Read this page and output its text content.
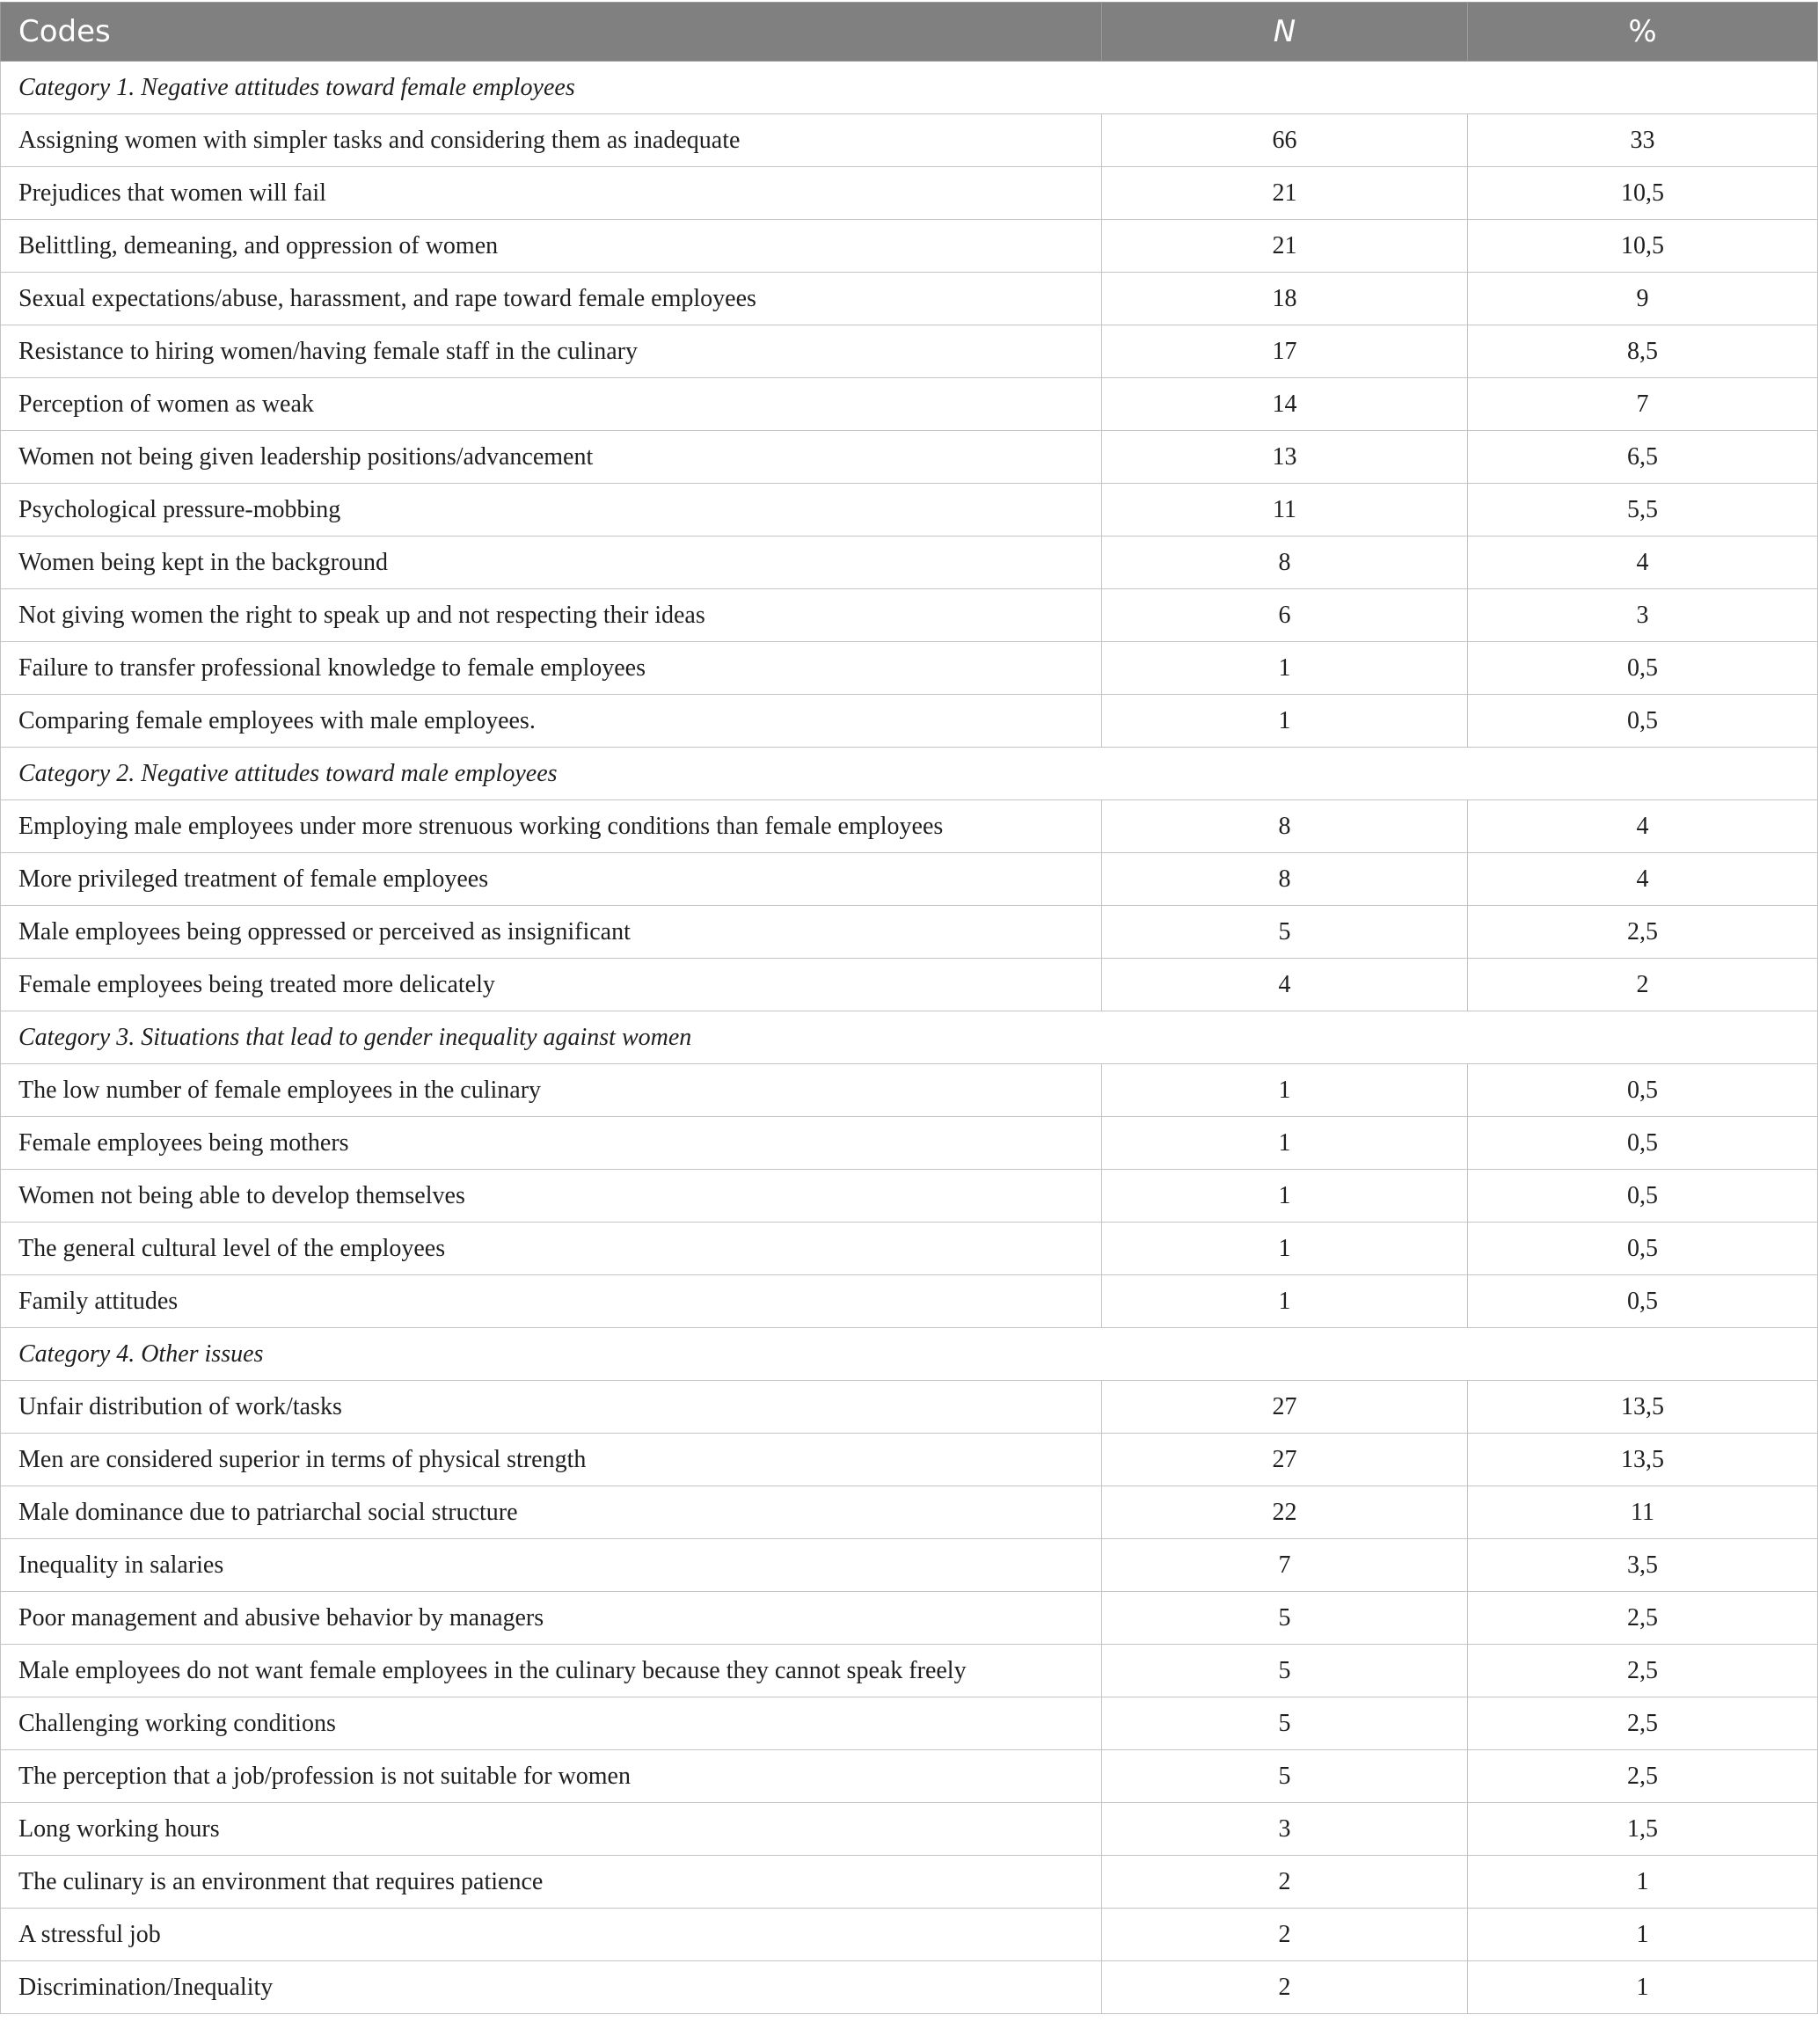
Codes	N	%
Category 1. Negative attitudes toward female employees		
Assigning women with simpler tasks and considering them as inadequate	66	33
Prejudices that women will fail	21	10,5
Belittling, demeaning, and oppression of women	21	10,5
Sexual expectations/abuse, harassment, and rape toward female employees	18	9
Resistance to hiring women/having female staff in the culinary	17	8,5
Perception of women as weak	14	7
Women not being given leadership positions/advancement	13	6,5
Psychological pressure-mobbing	11	5,5
Women being kept in the background	8	4
Not giving women the right to speak up and not respecting their ideas	6	3
Failure to transfer professional knowledge to female employees	1	0,5
Comparing female employees with male employees.	1	0,5
Category 2. Negative attitudes toward male employees		
Employing male employees under more strenuous working conditions than female employees	8	4
More privileged treatment of female employees	8	4
Male employees being oppressed or perceived as insignificant	5	2,5
Female employees being treated more delicately	4	2
Category 3. Situations that lead to gender inequality against women		
The low number of female employees in the culinary	1	0,5
Female employees being mothers	1	0,5
Women not being able to develop themselves	1	0,5
The general cultural level of the employees	1	0,5
Family attitudes	1	0,5
Category 4. Other issues		
Unfair distribution of work/tasks	27	13,5
Men are considered superior in terms of physical strength	27	13,5
Male dominance due to patriarchal social structure	22	11
Inequality in salaries	7	3,5
Poor management and abusive behavior by managers	5	2,5
Male employees do not want female employees in the culinary because they cannot speak freely	5	2,5
Challenging working conditions	5	2,5
The perception that a job/profession is not suitable for women	5	2,5
Long working hours	3	1,5
The culinary is an environment that requires patience	2	1
A stressful job	2	1
Discrimination/Inequality	2	1
